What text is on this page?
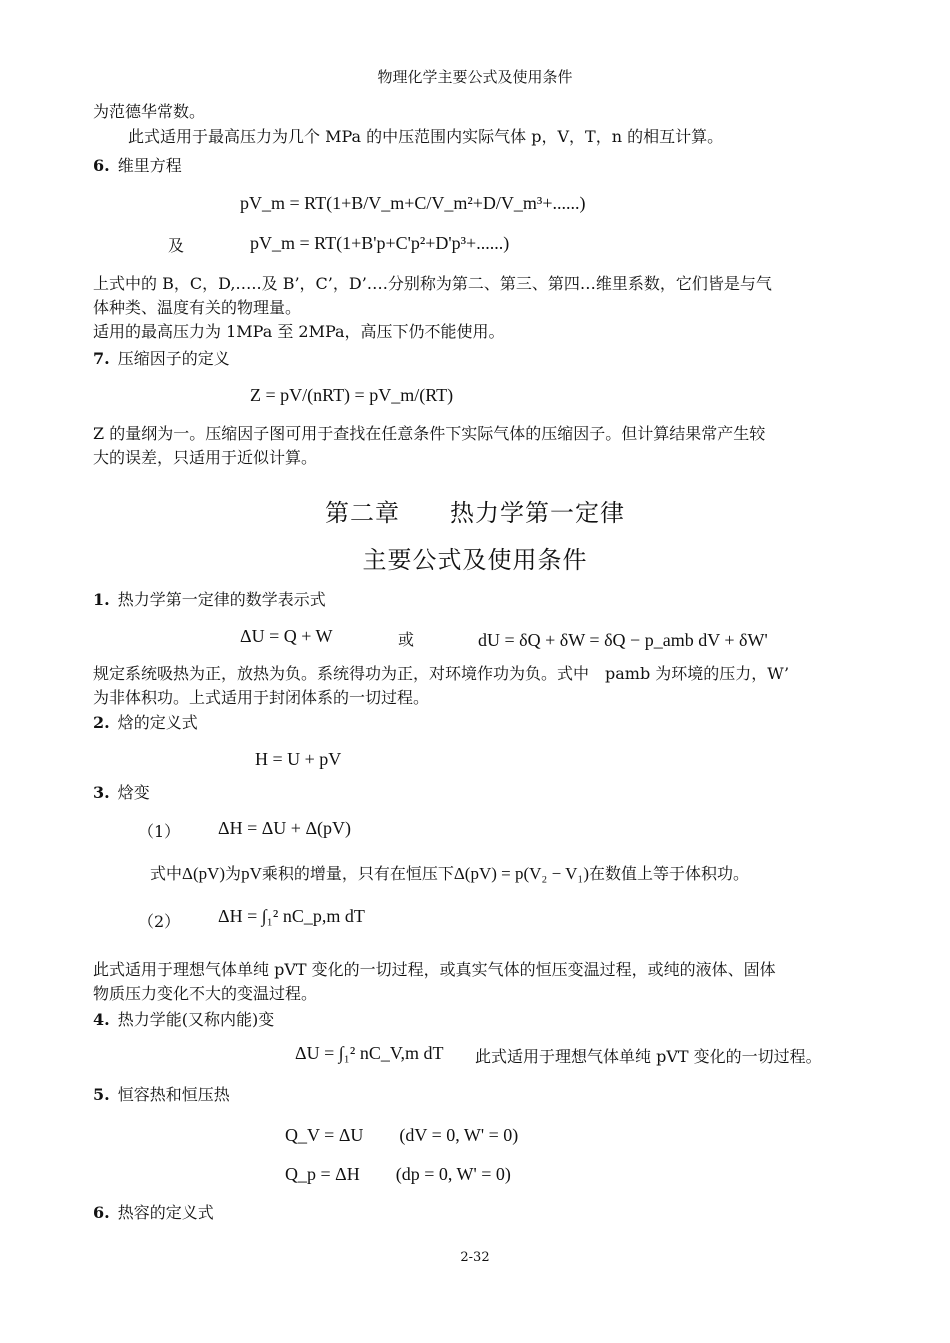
物理化学主要公式及使用条件
为范德华常数。
此式适用于最高压力为几个 MPa 的中压范围内实际气体 p，V，T，n 的相互计算。
6. 维里方程
pV_m = RT(1+B/V_m+C/V_m²+D/V_m³+......)
及	pV_m = RT(1+B'p+C'p²+D'p³+......)
上式中的 B，C，D,…..及 B’，C’，D’….分别称为第二、第三、第四…维里系数，它们皆是与气
体种类、温度有关的物理量。
适用的最高压力为 1MPa 至 2MPa，高压下仍不能使用。
7. 压缩因子的定义
Z = pV/(nRT) = pV_m/(RT)
Z 的量纲为一。压缩因子图可用于查找在任意条件下实际气体的压缩因子。但计算结果常产生较
大的误差，只适用于近似计算。
第二章　　热力学第一定律
主要公式及使用条件
1. 热力学第一定律的数学表示式
ΔU = Q + W	或	dU = δQ + δW = δQ − p_amb dV + δW'
规定系统吸热为正，放热为负。系统得功为正，对环境作功为负。式中　pamb 为环境的压力，W’
为非体积功。上式适用于封闭体系的一切过程。
2. 焓的定义式
H = U + pV
3. 焓变
（1） ΔH = ΔU + Δ(pV)
式中Δ(pV)为pV乘积的增量，只有在恒压下Δ(pV) = p(V₂ − V₁)在数值上等于体积功。
（2） ΔH = ∫₁² nC_p,m dT
此式适用于理想气体单纯 pVT 变化的一切过程，或真实气体的恒压变温过程，或纯的液体、固体
物质压力变化不大的变温过程。
4. 热力学能(又称内能)变
ΔU = ∫₁² nC_V,m dT 此式适用于理想气体单纯 pVT 变化的一切过程。
5. 恒容热和恒压热
Q_V = ΔU　　(dV = 0, W' = 0)
Q_p = ΔH　　(dp = 0, W' = 0)
6. 热容的定义式
2-32
